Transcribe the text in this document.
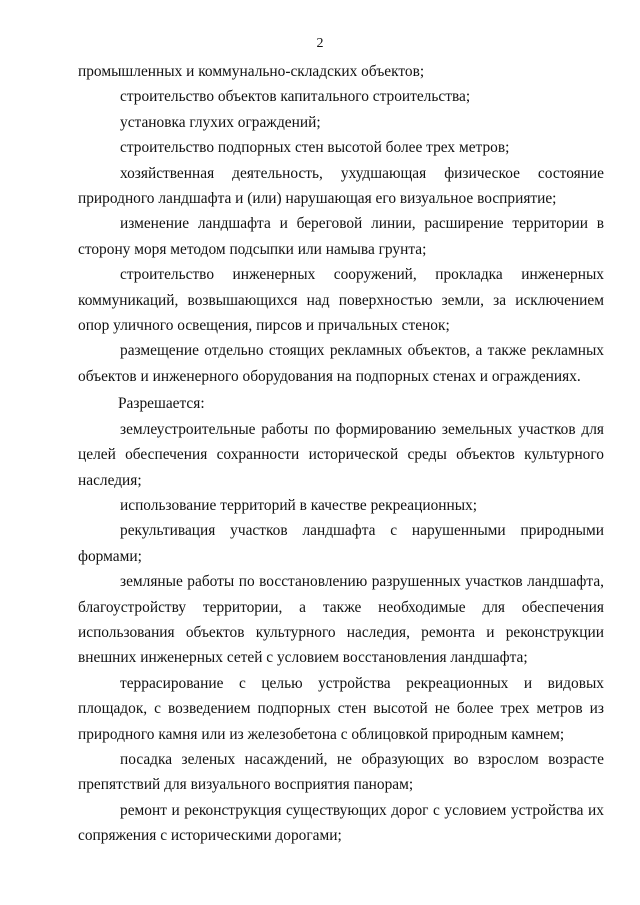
2

промышленных и коммунально-складских объектов;

строительство объектов капитального строительства;

установка глухих ограждений;

строительство подпорных стен высотой более трех метров;

хозяйственная деятельность, ухудшающая физическое состояние природного ландшафта и (или) нарушающая его визуальное восприятие;

изменение ландшафта и береговой линии, расширение территории в сторону моря методом подсыпки или намыва грунта;

строительство инженерных сооружений, прокладка инженерных коммуникаций, возвышающихся над поверхностью земли, за исключением опор уличного освещения, пирсов и причальных стенок;

размещение отдельно стоящих рекламных объектов, а также рекламных объектов и инженерного оборудования на подпорных стенах и ограждениях.

Разрешается:

землеустроительные работы по формированию земельных участков для целей обеспечения сохранности исторической среды объектов культурного наследия;

использование территорий в качестве рекреационных;

рекультивация участков ландшафта с нарушенными природными формами;

земляные работы по восстановлению разрушенных участков ландшафта, благоустройству территории, а также необходимые для обеспечения использования объектов культурного наследия, ремонта и реконструкции внешних инженерных сетей с условием восстановления ландшафта;

террасирование с целью устройства рекреационных и видовых площадок, с возведением подпорных стен высотой не более трех метров из природного камня или из железобетона с облицовкой природным камнем;

посадка зеленых насаждений, не образующих во взрослом возрасте препятствий для визуального восприятия панорам;

ремонт и реконструкция существующих дорог с условием устройства их сопряжения с историческими дорогами;
